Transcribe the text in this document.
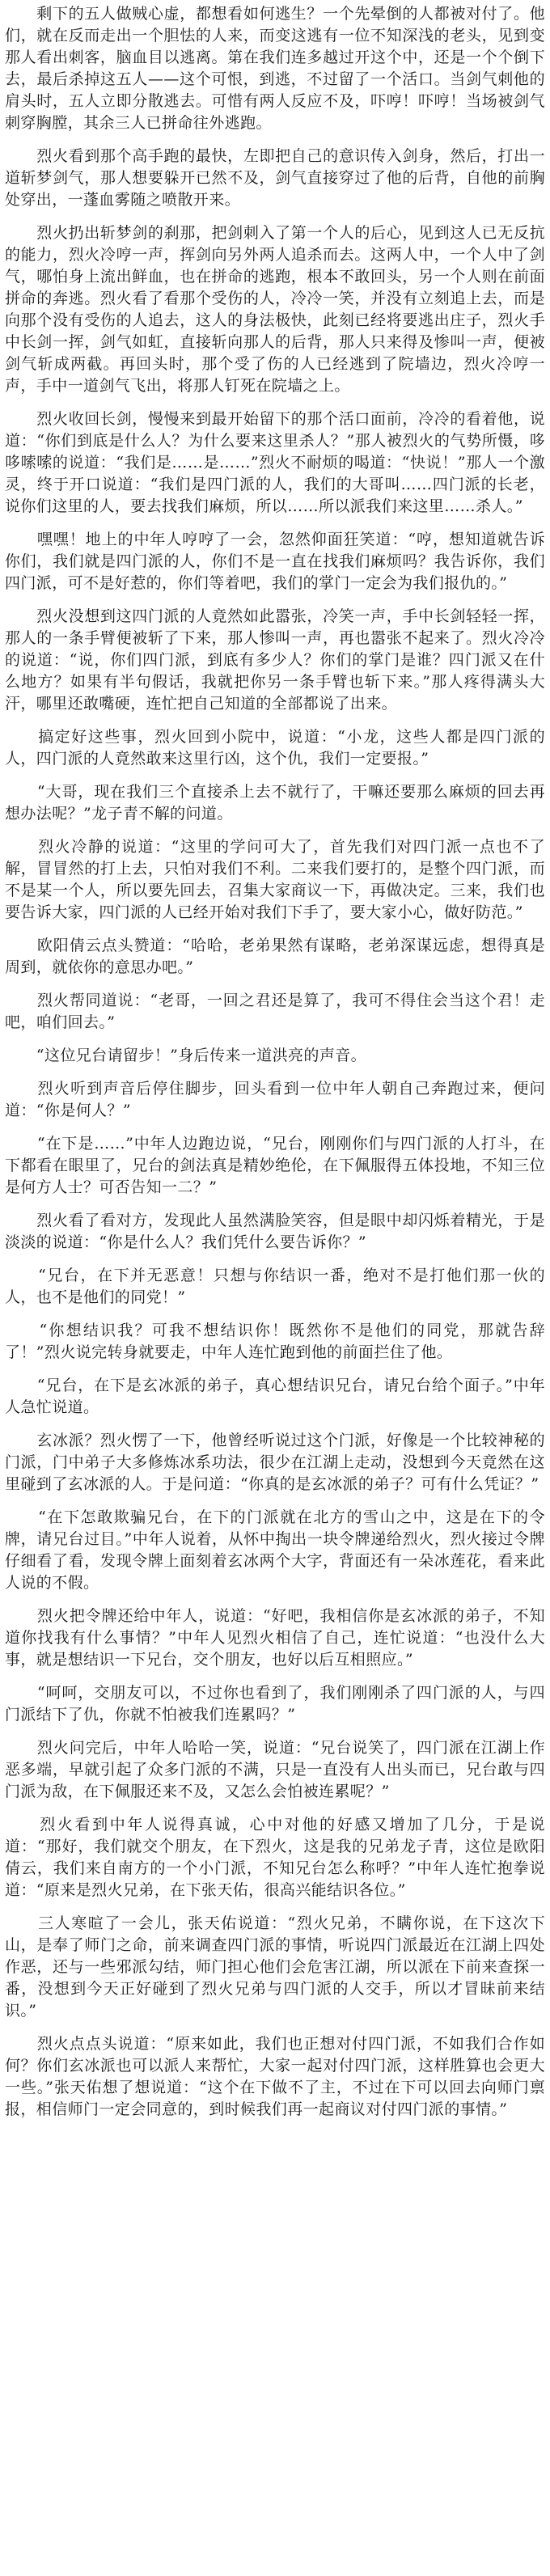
　　剩下的五人做贼心虚，都想看如何逃生？一个先晕倒的人都被对付了。他们，就在反而走出一个胆怯的人来，而变这逃有一位不知深浅的老头，见到变那人看出刺客，脑血目以逃离。第在我们连多越过开这个中，还是一个个倒下去，最后杀掉这五人——这个可恨，到逃，不过留了一个活口。当剑气刺他的肩头时，五人立即分散逃去。可惜有两人反应不及，吓哼！吓哼！当场被剑气刺穿胸膛，其余三人已拼命往外逃跑。

　　烈火看到那个高手跑的最快，左即把自己的意识传入剑身，然后，打出一道斩梦剑气，那人想要躲开已然不及，剑气直接穿过了他的后背，自他的前胸处穿出，一蓬血雾随之喷散开来。

　　烈火扔出斩梦剑的刹那，把剑刺入了第一个人的后心，见到这人已无反抗的能力，烈火冷哼一声，挥剑向另外两人追杀而去。这两人中，一个人中了剑气，哪怕身上流出鲜血，也在拼命的逃跑，根本不敢回头，另一个人则在前面拼命的奔逃。烈火看了看那个受伤的人，冷冷一笑，并没有立刻追上去，而是向那个没有受伤的人追去，这人的身法极快，此刻已经将要逃出庄子，烈火手中长剑一挥，剑气如虹，直接斩向那人的后背，那人只来得及惨叫一声，便被剑气斩成两截。再回头时，那个受了伤的人已经逃到了院墙边，烈火冷哼一声，手中一道剑气飞出，将那人钉死在院墙之上。

　　烈火收回长剑，慢慢来到最开始留下的那个活口面前，冷冷的看着他，说道：“你们到底是什么人？为什么要来这里杀人？”那人被烈火的气势所慑，哆哆嗦嗦的说道：“我们是……是……”烈火不耐烦的喝道：“快说！”那人一个激灵，终于开口说道：“我们是四门派的人，我们的大哥叫……四门派的长老，说你们这里的人，要去找我们麻烦，所以……所以派我们来这里……杀人。”

　　嘿嘿！地上的中年人哼哼了一会，忽然仰面狂笑道：“哼，想知道就告诉你们，我们就是四门派的人，你们不是一直在找我们麻烦吗？我告诉你，我们四门派，可不是好惹的，你们等着吧，我们的掌门一定会为我们报仇的。”

　　烈火没想到这四门派的人竟然如此嚣张，冷笑一声，手中长剑轻轻一挥，那人的一条手臂便被斩了下来，那人惨叫一声，再也嚣张不起来了。烈火冷冷的说道：“说，你们四门派，到底有多少人？你们的掌门是谁？四门派又在什么地方？如果有半句假话，我就把你另一条手臂也斩下来。”那人疼得满头大汗，哪里还敢嘴硬，连忙把自己知道的全部都说了出来。

　　搞定好这些事，烈火回到小院中，说道：“小龙，这些人都是四门派的人，四门派的人竟然敢来这里行凶，这个仇，我们一定要报。”

　　“大哥，现在我们三个直接杀上去不就行了，干嘛还要那么麻烦的回去再想办法呢？”龙子青不解的问道。

　　烈火冷静的说道：“这里的学问可大了，首先我们对四门派一点也不了解，冒冒然的打上去，只怕对我们不利。二来我们要打的，是整个四门派，而不是某一个人，所以要先回去，召集大家商议一下，再做决定。三来，我们也要告诉大家，四门派的人已经开始对我们下手了，要大家小心，做好防范。”

　　欧阳倩云点头赞道：“哈哈，老弟果然有谋略，老弟深谋远虑，想得真是周到，就依你的意思办吧。”

　　烈火帮同道说：“老哥，一回之君还是算了，我可不得住会当这个君！走吧，咱们回去。”

　　“这位兄台请留步！”身后传来一道洪亮的声音。

　　烈火听到声音后停住脚步，回头看到一位中年人朝自己奔跑过来，便问道：“你是何人？”

　　“在下是……”中年人边跑边说，“兄台，刚刚你们与四门派的人打斗，在下都看在眼里了，兄台的剑法真是精妙绝伦，在下佩服得五体投地，不知三位是何方人士？可否告知一二？”

　　烈火看了看对方，发现此人虽然满脸笑容，但是眼中却闪烁着精光，于是淡淡的说道：“你是什么人？我们凭什么要告诉你？”

　　“兄台，在下并无恶意！只想与你结识一番，绝对不是打他们那一伙的人，也不是他们的同党！”

　　“你想结识我？可我不想结识你！既然你不是他们的同党，那就告辞了！”烈火说完转身就要走，中年人连忙跑到他的前面拦住了他。

　　“兄台，在下是玄冰派的弟子，真心想结识兄台，请兄台给个面子。”中年人急忙说道。

　　玄冰派？烈火愣了一下，他曾经听说过这个门派，好像是一个比较神秘的门派，门中弟子大多修炼冰系功法，很少在江湖上走动，没想到今天竟然在这里碰到了玄冰派的人。于是问道：“你真的是玄冰派的弟子？可有什么凭证？”

　　“在下怎敢欺骗兄台，在下的门派就在北方的雪山之中，这是在下的令牌，请兄台过目。”中年人说着，从怀中掏出一块令牌递给烈火，烈火接过令牌仔细看了看，发现令牌上面刻着玄冰两个大字，背面还有一朵冰莲花，看来此人说的不假。

　　烈火把令牌还给中年人，说道：“好吧，我相信你是玄冰派的弟子，不知道你找我有什么事情？”中年人见烈火相信了自己，连忙说道：“也没什么大事，就是想结识一下兄台，交个朋友，也好以后互相照应。”

　　“呵呵，交朋友可以，不过你也看到了，我们刚刚杀了四门派的人，与四门派结下了仇，你就不怕被我们连累吗？”

　　烈火问完后，中年人哈哈一笑，说道：“兄台说笑了，四门派在江湖上作恶多端，早就引起了众多门派的不满，只是一直没有人出头而已，兄台敢与四门派为敌，在下佩服还来不及，又怎么会怕被连累呢？”

　　烈火看到中年人说得真诚，心中对他的好感又增加了几分，于是说道：“那好，我们就交个朋友，在下烈火，这是我的兄弟龙子青，这位是欧阳倩云，我们来自南方的一个小门派，不知兄台怎么称呼？”中年人连忙抱拳说道：“原来是烈火兄弟，在下张天佑，很高兴能结识各位。”

　　三人寒暄了一会儿，张天佑说道：“烈火兄弟，不瞒你说，在下这次下山，是奉了师门之命，前来调查四门派的事情，听说四门派最近在江湖上四处作恶，还与一些邪派勾结，师门担心他们会危害江湖，所以派在下前来查探一番，没想到今天正好碰到了烈火兄弟与四门派的人交手，所以才冒昧前来结识。”

　　烈火点点头说道：“原来如此，我们也正想对付四门派，不如我们合作如何？你们玄冰派也可以派人来帮忙，大家一起对付四门派，这样胜算也会更大一些。”张天佑想了想说道：“这个在下做不了主，不过在下可以回去向师门禀报，相信师门一定会同意的，到时候我们再一起商议对付四门派的事情。”
